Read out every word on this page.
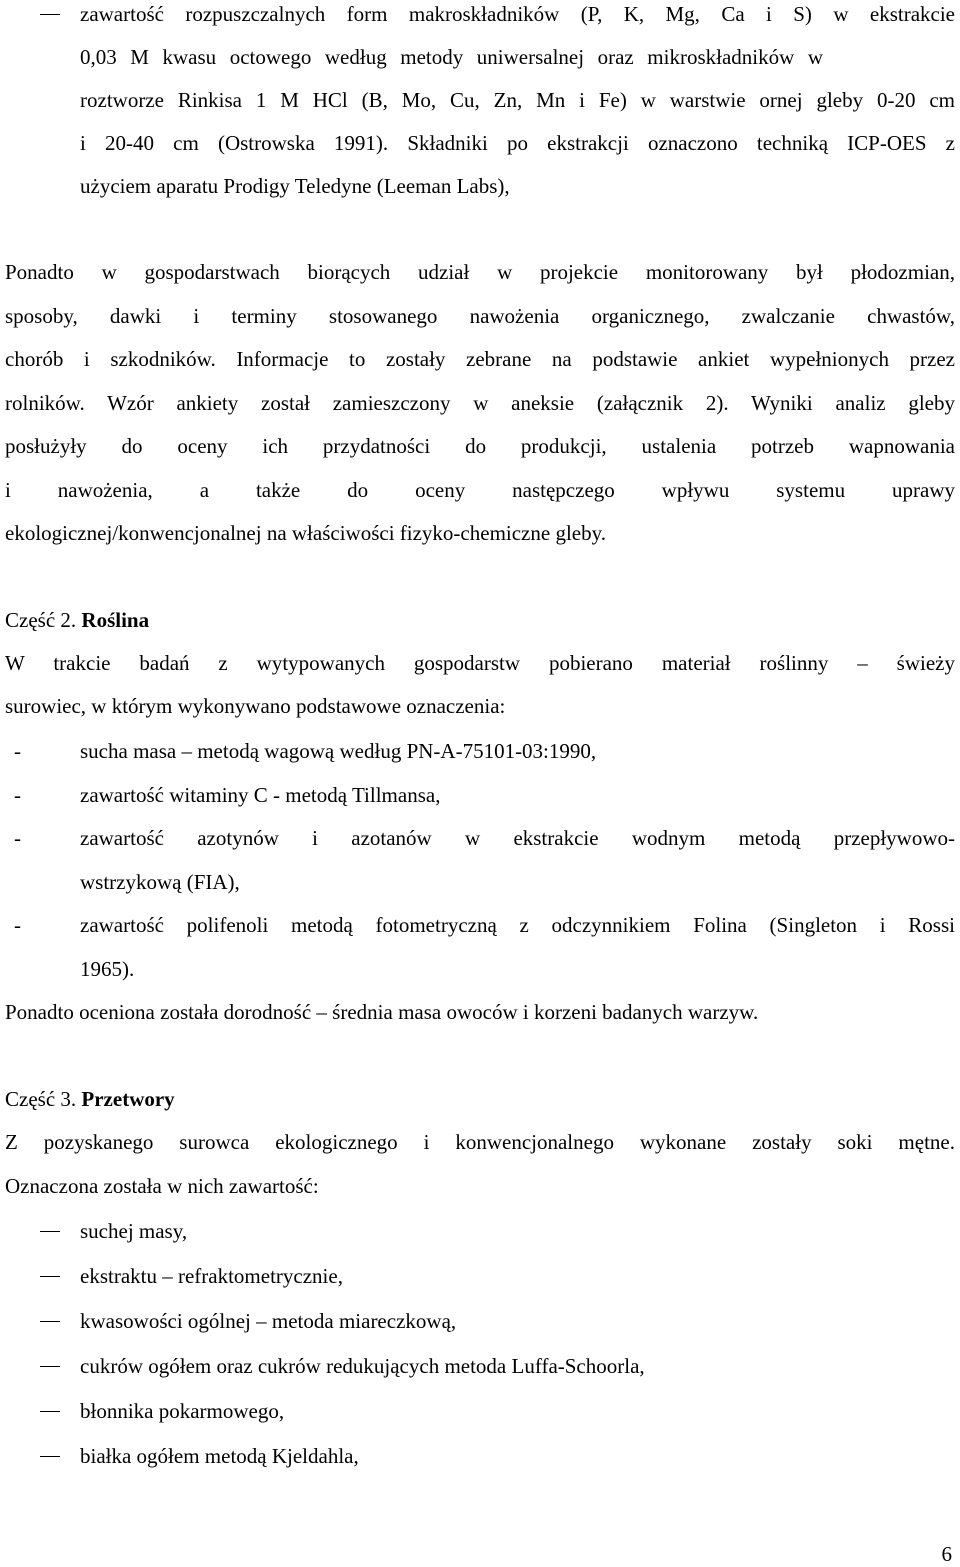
zawartość rozpuszczalnych form makroskładników (P, K, Mg, Ca i S) w ekstrakcie
0,03 M kwasu octowego według metody uniwersalnej oraz mikroskładników w
roztworze Rinkisa 1 M HCl (B, Mo, Cu, Zn, Mn i Fe) w warstwie ornej gleby 0-20 cm
i 20-40 cm (Ostrowska 1991). Składniki po ekstrakcji oznaczono techniką ICP-OES z
użyciem aparatu Prodigy Teledyne (Leeman Labs),
Ponadto w gospodarstwach biorących udział w projekcie monitorowany był płodozmian,
sposoby, dawki i terminy stosowanego nawożenia organicznego, zwalczanie chwastów,
chorób i szkodników. Informacje to zostały zebrane na podstawie ankiet wypełnionych przez
rolników. Wzór ankiety został zamieszczony w aneksie (załącznik 2). Wyniki analiz gleby
posłużyły do oceny ich przydatności do produkcji, ustalenia potrzeb wapnowania
i nawożenia, a także do oceny następczego wpływu systemu uprawy
ekologicznej/konwencjonalnej na właściwości fizyko-chemiczne gleby.
Część 2. Roślina
W trakcie badań z wytypowanych gospodarstw pobierano materiał roślinny – świeży
surowiec, w którym wykonywano podstawowe oznaczenia:
-	sucha masa – metodą wagową według PN-A-75101-03:1990,
-	zawartość witaminy C - metodą Tillmansa,
-	zawartość azotynów i azotanów w ekstrakcie wodnym metodą przepływowo-
wstrzykową (FIA),
-	zawartość polifenoli metodą fotometryczną z odczynnikiem Folina (Singleton i Rossi
1965).
Ponadto oceniona została dorodność – średnia masa owoców i korzeni badanych warzyw.
Część 3. Przetwory
Z pozyskanego surowca ekologicznego i konwencjonalnego wykonane zostały soki mętne.
Oznaczona została w nich zawartość:
suchej masy,
ekstraktu – refraktometrycznie,
kwasowości ogólnej – metoda miareczkową,
cukrów ogółem oraz cukrów redukujących metoda Luffa-Schoorla,
błonnika pokarmowego,
białka ogółem metodą Kjeldahla,
6
